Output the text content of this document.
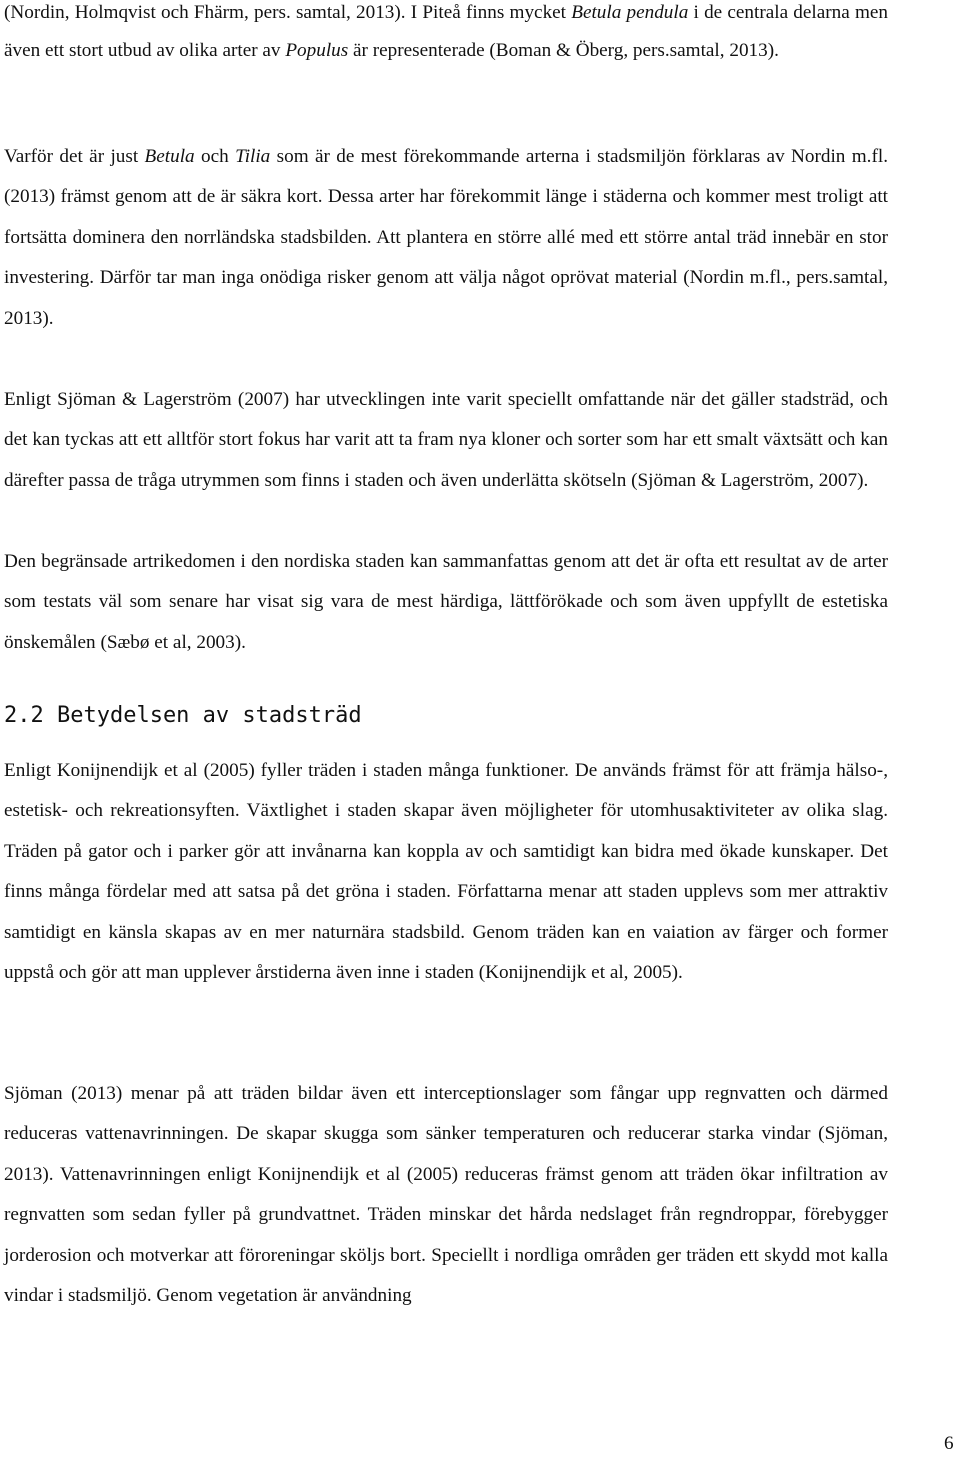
(Nordin, Holmqvist och Fhärm, pers. samtal, 2013). I Piteå finns mycket Betula pendula i de centrala delarna men även ett stort utbud av olika arter av Populus är representerade (Boman & Öberg, pers.samtal, 2013).

Varför det är just Betula och Tilia som är de mest förekommande arterna i stadsmiljön förklaras av Nordin m.fl. (2013) främst genom att de är säkra kort. Dessa arter har förekommit länge i städerna och kommer mest troligt att fortsätta dominera den norrländska stadsbilden. Att plantera en större allé med ett större antal träd innebär en stor investering. Därför tar man inga onödiga risker genom att välja något oprövat material (Nordin m.fl., pers.samtal, 2013).

Enligt Sjöman & Lagerström (2007) har utvecklingen inte varit speciellt omfattande när det gäller stadsträd, och det kan tyckas att ett alltför stort fokus har varit att ta fram nya kloner och sorter som har ett smalt växtsätt och kan därefter passa de tråga utrymmen som finns i staden och även underlätta skötseln (Sjöman & Lagerström, 2007).

Den begränsade artrikedomen i den nordiska staden kan sammanfattas genom att det är ofta ett resultat av de arter som testats väl som senare har visat sig vara de mest härdiga, lättförökade och som även uppfyllt de estetiska önskemålen (Sæbø et al, 2003).

2.2 Betydelsen av stadsträd

Enligt Konijnendijk et al (2005) fyller träden i staden många funktioner. De används främst för att främja hälso-, estetisk- och rekreationsyften. Växtlighet i staden skapar även möjligheter för utomhusaktiviteter av olika slag. Träden på gator och i parker gör att invånarna kan koppla av och samtidigt kan bidra med ökade kunskaper. Det finns många fördelar med att satsa på det gröna i staden. Författarna menar att staden upplevs som mer attraktiv samtidigt en känsla skapas av en mer naturnära stadsbild. Genom träden kan en vaiation av färger och former uppstå och gör att man upplever årstiderna även inne i staden (Konijnendijk et al, 2005).

Sjöman (2013) menar på att träden bildar även ett interceptionslager som fångar upp regnvatten och därmed reduceras vattenavrinningen. De skapar skugga som sänker temperaturen och reducerar starka vindar (Sjöman, 2013). Vattenavrinningen enligt Konijnendijk et al (2005) reduceras främst genom att träden ökar infiltration av regnvatten som sedan fyller på grundvattnet. Träden minskar det hårda nedslaget från regndroppar, förebygger jorderosion och motverkar att föroreningar sköljs bort. Speciellt i nordliga områden ger träden ett skydd mot kalla vindar i stadsmiljö. Genom vegetation är användning

6
